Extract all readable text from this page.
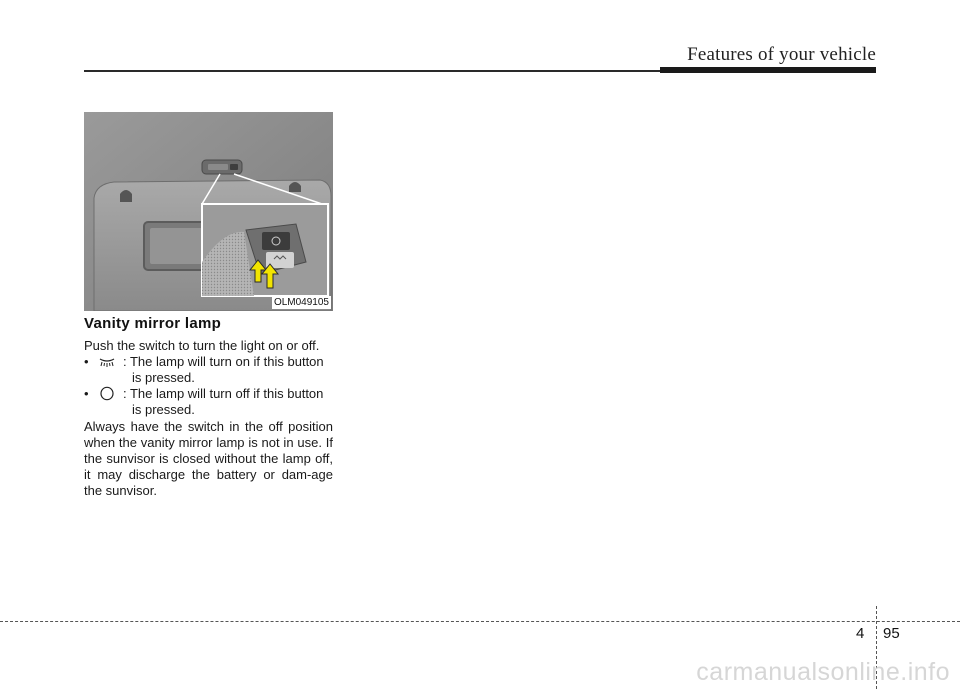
Features of your vehicle
OLM049105
Vanity mirror lamp
Push the switch to turn the light on or off.
•	: The lamp will turn on if this button
is pressed.
•	: The lamp will turn off if this button
is pressed.
Always have the switch in the off position when the vanity mirror lamp is not in use. If the sunvisor is closed without the lamp off, it may discharge the battery or dam-age the sunvisor.
4 95
carmanualsonline.info
